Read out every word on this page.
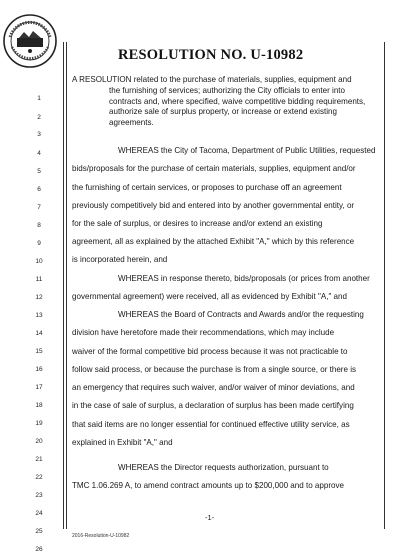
RESOLUTION NO. U-10982
1
2
3
4
5
6
7
8
9
10
11
12
13
14
15
16
17
18
19
20
21
22
23
24
25
26
A RESOLUTION related to the purchase of materials, supplies, equipment and
the furnishing of services; authorizing the City officials to enter into
contracts and, where specified, waive competitive bidding requirements,
authorize sale of surplus property, or increase or extend existing
agreements.
WHEREAS the City of Tacoma, Department of Public Utilities, requested
bids/proposals for the purchase of certain materials, supplies, equipment and/or
the furnishing of certain services, or proposes to purchase off an agreement
previously competitively bid and entered into by another governmental entity, or
for the sale of surplus, or desires to increase and/or extend an existing
agreement, all as explained by the attached Exhibit "A," which by this reference
is incorporated herein, and
WHEREAS in response thereto, bids/proposals (or prices from another
governmental agreement) were received, all as evidenced by Exhibit "A," and
WHEREAS the Board of Contracts and Awards and/or the requesting
division have heretofore made their recommendations, which may include
waiver of the formal competitive bid process because it was not practicable to
follow said process, or because the purchase is from a single source, or there is
an emergency that requires such waiver, and/or waiver of minor deviations, and
in the case of sale of surplus, a declaration of surplus has been made certifying
that said items are no longer essential for continued effective utility service, as
explained in Exhibit "A," and
WHEREAS the Director requests authorization, pursuant to
TMC 1.06.269 A, to amend contract amounts up to $200,000 and to approve
-1-
2016-Resolution-U-10982
